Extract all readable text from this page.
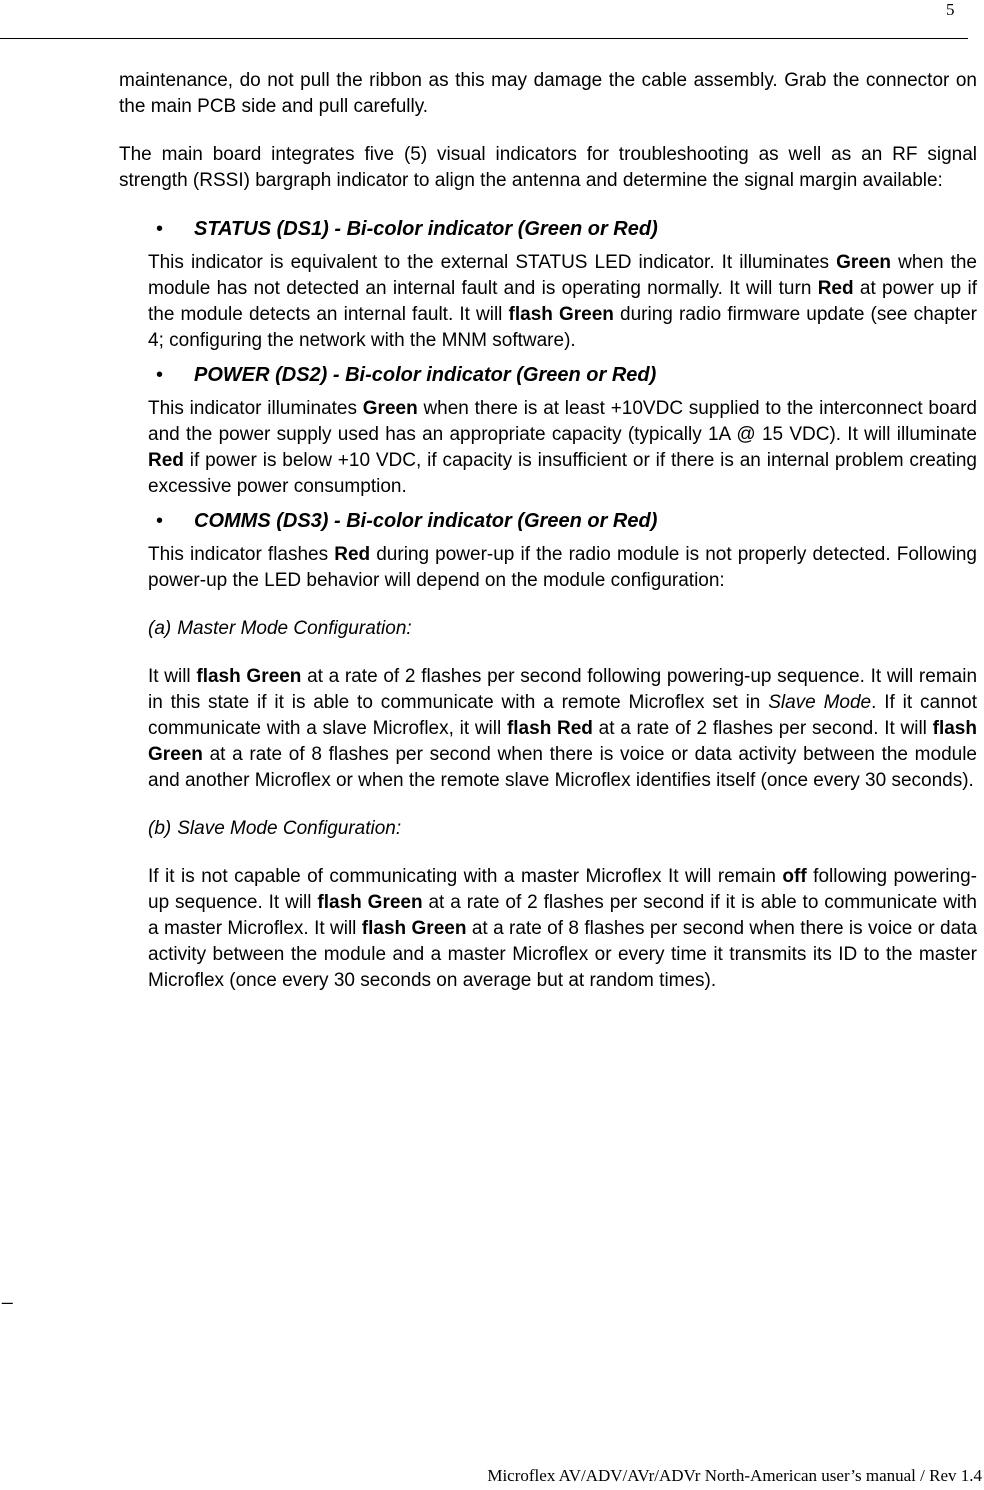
5

maintenance, do not pull the ribbon as this may damage the cable assembly. Grab the connector on the main PCB side and pull carefully.

The main board integrates five (5) visual indicators for troubleshooting as well as an RF signal strength (RSSI) bargraph indicator to align the antenna and determine the signal margin available:

• STATUS (DS1) - Bi-color indicator (Green or Red)

This indicator is equivalent to the external STATUS LED indicator. It illuminates Green when the module has not detected an internal fault and is operating normally. It will turn Red at power up if the module detects an internal fault. It will flash Green during radio firmware update (see chapter 4; configuring the network with the MNM software).

• POWER (DS2) - Bi-color indicator (Green or Red)

This indicator illuminates Green when there is at least +10VDC supplied to the interconnect board and the power supply used has an appropriate capacity (typically 1A @ 15 VDC). It will illuminate Red if power is below +10 VDC, if capacity is insufficient or if there is an internal problem creating excessive power consumption.

• COMMS (DS3) - Bi-color indicator (Green or Red)

This indicator flashes Red during power-up if the radio module is not properly detected. Following power-up the LED behavior will depend on the module configuration:

(a) Master Mode Configuration:

It will flash Green at a rate of 2 flashes per second following powering-up sequence. It will remain in this state if it is able to communicate with a remote Microflex set in Slave Mode. If it cannot communicate with a slave Microflex, it will flash Red at a rate of 2 flashes per second. It will flash Green at a rate of 8 flashes per second when there is voice or data activity between the module and another Microflex or when the remote slave Microflex identifies itself (once every 30 seconds).

(b) Slave Mode Configuration:

If it is not capable of communicating with a master Microflex It will remain off following powering-up sequence. It will flash Green at a rate of 2 flashes per second if it is able to communicate with a master Microflex. It will flash Green at a rate of 8 flashes per second when there is voice or data activity between the module and a master Microflex or every time it transmits its ID to the master Microflex (once every 30 seconds on average but at random times).

_
Microflex AV/ADV/AVr/ADVr North-American user’s manual / Rev 1.4
